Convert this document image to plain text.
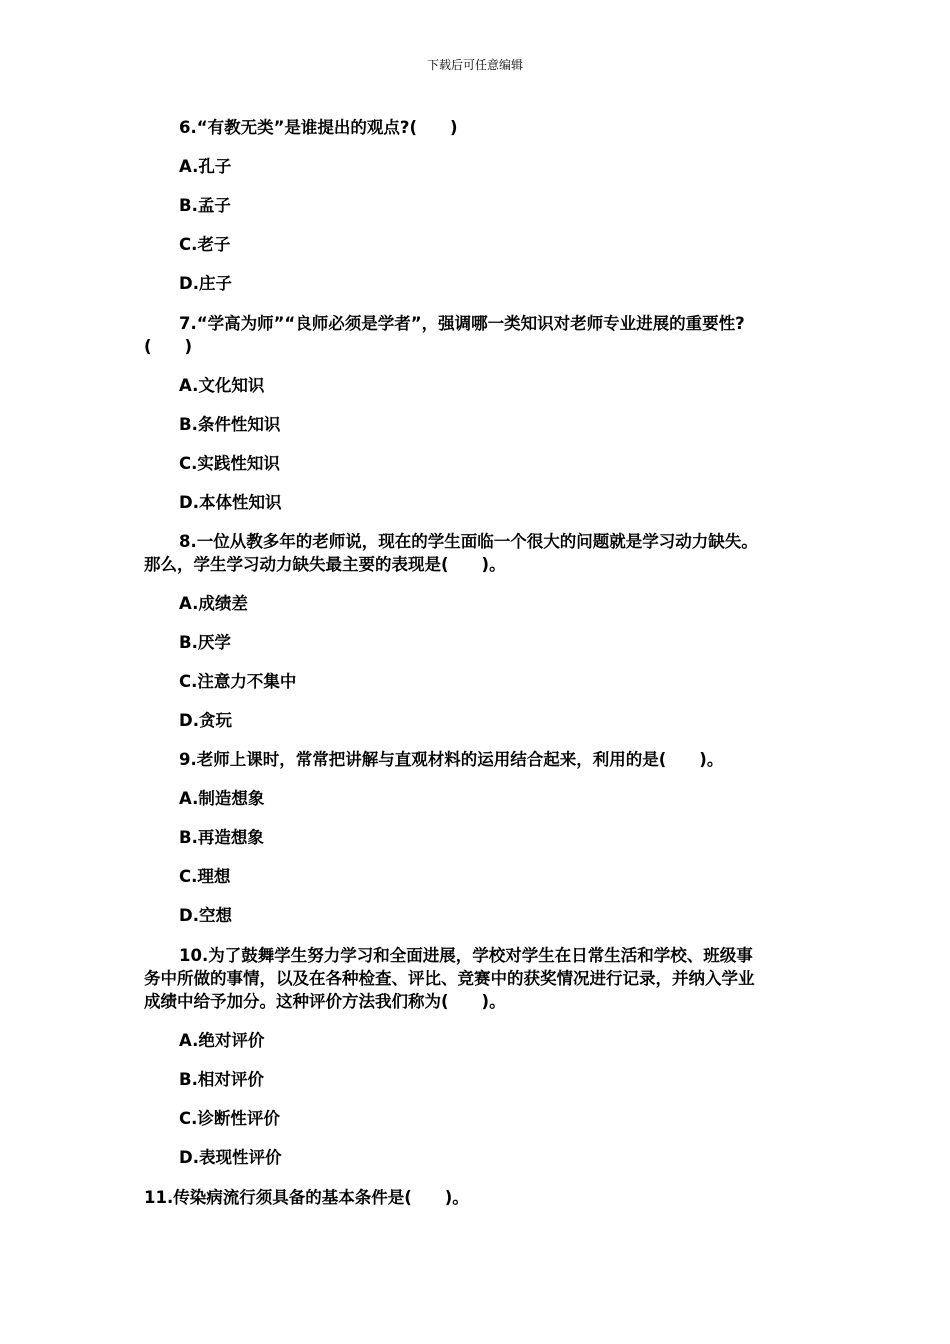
下载后可任意编辑

6.“有教无类”是谁提出的观点?(　　)

A.孔子

B.孟子

C.老子

D.庄子

7.“学高为师”“良师必须是学者”，强调哪一类知识对老师专业进展的重要性?

(　　)

A.文化知识

B.条件性知识

C.实践性知识

D.本体性知识

8.一位从教多年的老师说，现在的学生面临一个很大的问题就是学习动力缺失。

那么，学生学习动力缺失最主要的表现是(　　)。

A.成绩差

B.厌学

C.注意力不集中

D.贪玩

9.老师上课时，常常把讲解与直观材料的运用结合起来，利用的是(　　)。

A.制造想象

B.再造想象

C.理想

D.空想

10.为了鼓舞学生努力学习和全面进展，学校对学生在日常生活和学校、班级事

务中所做的事情，以及在各种检查、评比、竞赛中的获奖情况进行记录，并纳入学业

成绩中给予加分。这种评价方法我们称为(　　)。

A.绝对评价

B.相对评价

C.诊断性评价

D.表现性评价

11.传染病流行须具备的基本条件是(　　)。
